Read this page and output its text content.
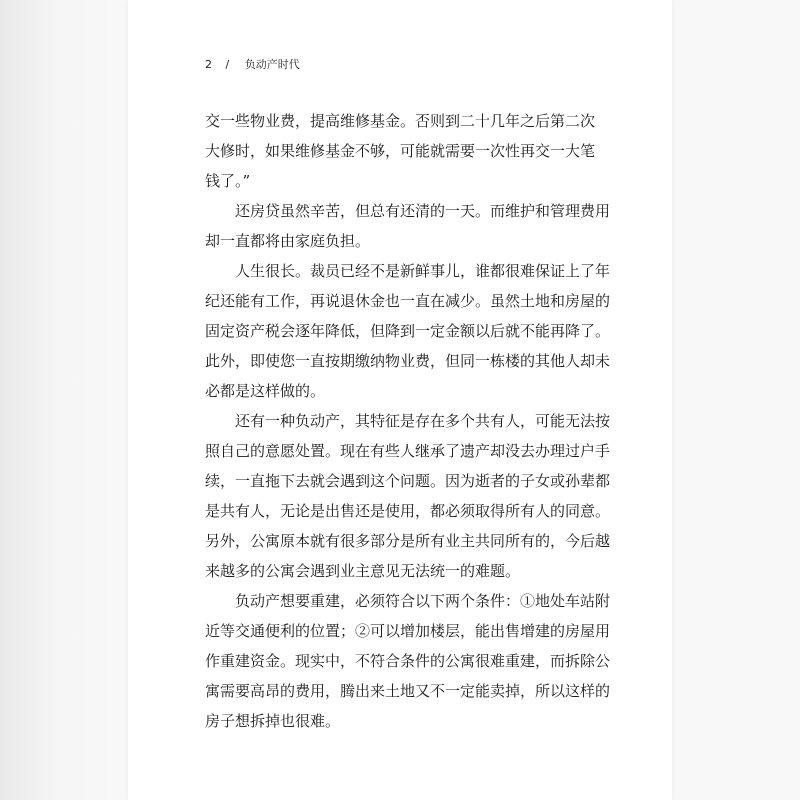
2 / 负动产时代
交一些物业费，提高维修基金。否则到二十几年之后第二次
大修时，如果维修基金不够，可能就需要一次性再交一大笔
钱了。”
还房贷虽然辛苦，但总有还清的一天。而维护和管理费用
却一直都将由家庭负担。
人生很长。裁员已经不是新鲜事儿，谁都很难保证上了年
纪还能有工作，再说退休金也一直在减少。虽然土地和房屋的
固定资产税会逐年降低，但降到一定金额以后就不能再降了。
此外，即使您一直按期缴纳物业费，但同一栋楼的其他人却未
必都是这样做的。
还有一种负动产，其特征是存在多个共有人，可能无法按
照自己的意愿处置。现在有些人继承了遗产却没去办理过户手
续，一直拖下去就会遇到这个问题。因为逝者的子女或孙辈都
是共有人，无论是出售还是使用，都必须取得所有人的同意。
另外，公寓原本就有很多部分是所有业主共同所有的，今后越
来越多的公寓会遇到业主意见无法统一的难题。
负动产想要重建，必须符合以下两个条件：①地处车站附
近等交通便利的位置；②可以增加楼层，能出售增建的房屋用
作重建资金。现实中，不符合条件的公寓很难重建，而拆除公
寓需要高昂的费用，腾出来土地又不一定能卖掉，所以这样的
房子想拆掉也很难。
